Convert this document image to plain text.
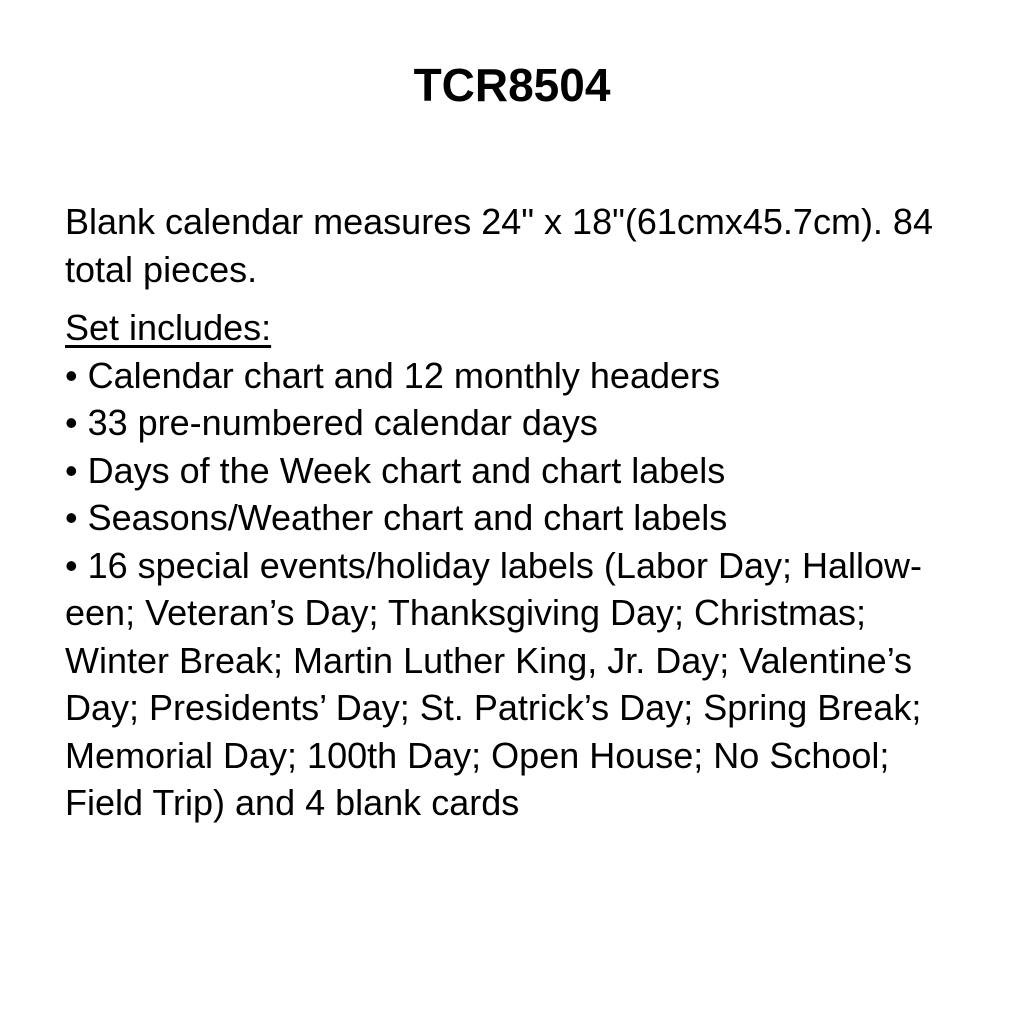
TCR8504
Blank calendar measures 24" x 18"(61cmx45.7cm). 84
total pieces.
Set includes:
• Calendar chart and 12 monthly headers
• 33 pre-numbered calendar days
• Days of the Week chart and chart labels
• Seasons/Weather chart and chart labels
• 16 special events/holiday labels (Labor Day; Hallow-
een; Veteran’s Day; Thanksgiving Day; Christmas;
Winter Break; Martin Luther King, Jr. Day; Valentine’s
Day; Presidents’ Day; St. Patrick’s Day; Spring Break;
Memorial Day; 100th Day; Open House; No School;
Field Trip) and 4 blank cards
